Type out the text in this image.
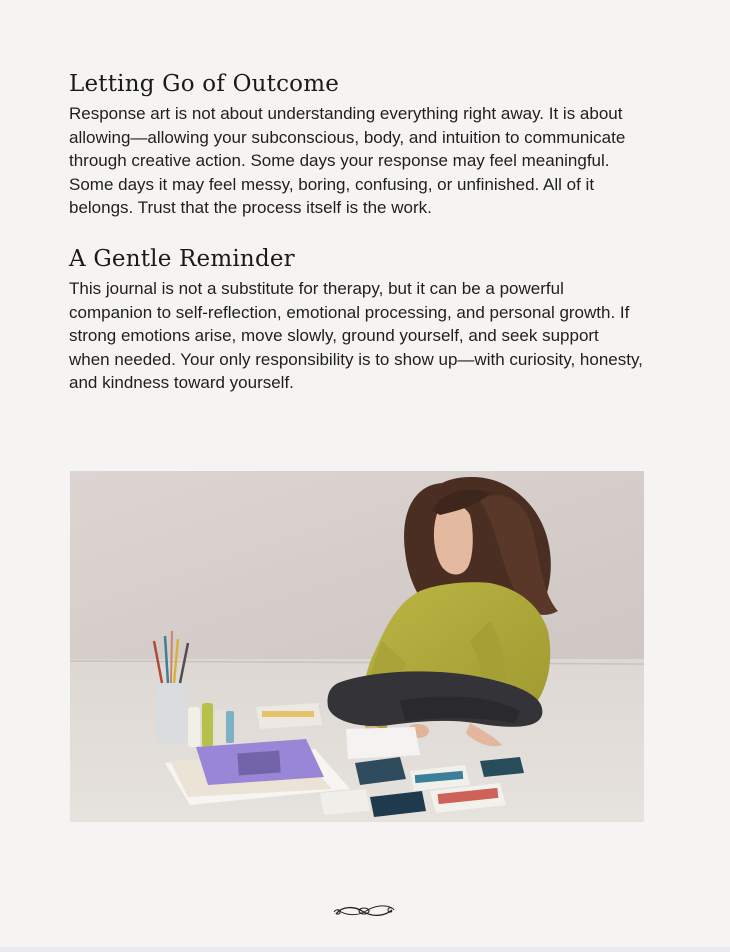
Letting Go of Outcome

Response art is not about understanding everything right away. It is about allowing—allowing your subconscious, body, and intuition to communicate through creative action. Some days your response may feel meaningful. Some days it may feel messy, boring, confusing, or unfinished. All of it belongs. Trust that the process itself is the work.

A Gentle Reminder

This journal is not a substitute for therapy, but it can be a powerful companion to self-reflection, emotional processing, and personal growth. If strong emotions arise, move slowly, ground yourself, and seek support when needed. Your only responsibility is to show up—with curiosity, honesty, and kindness toward yourself.
